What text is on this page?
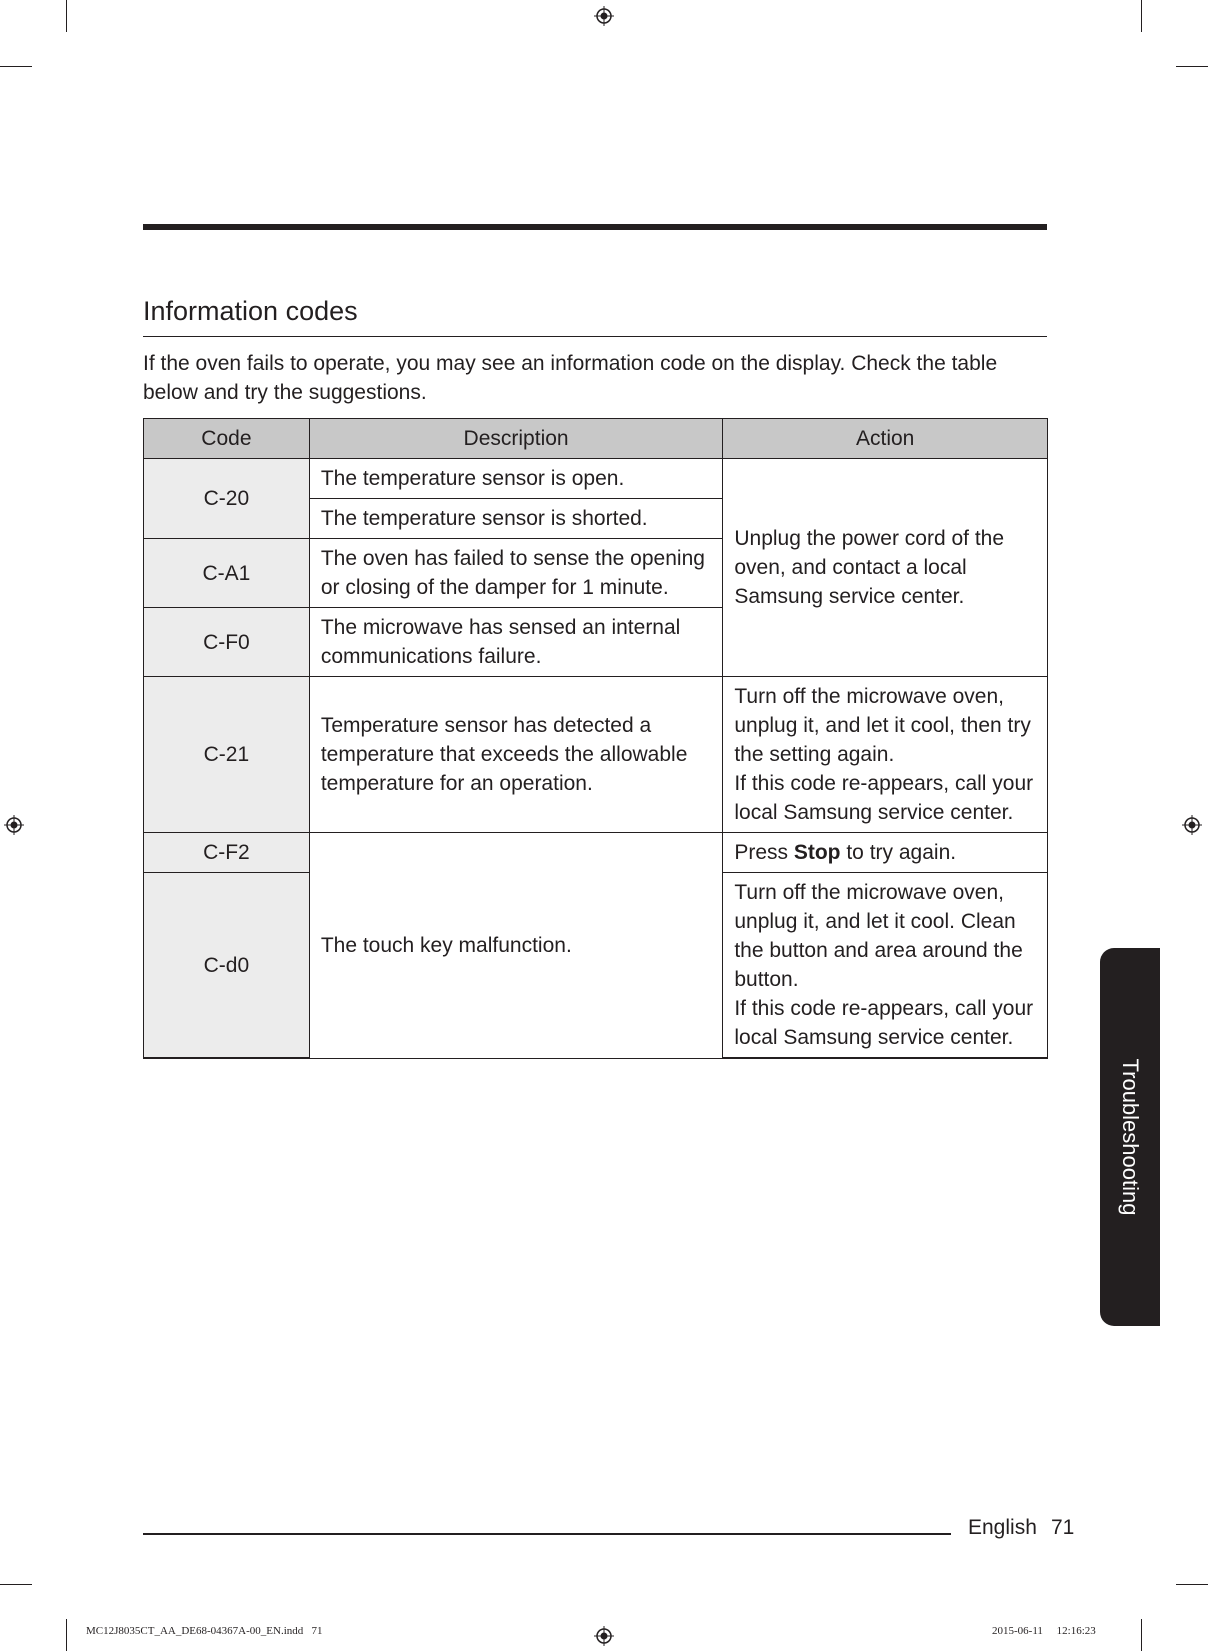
Information codes

If the oven fails to operate, you may see an information code on the display. Check the table below and try the suggestions.

Code	Description	Action
C-20	The temperature sensor is open.	Unplug the power cord of the oven, and contact a local Samsung service center.
	The temperature sensor is shorted.	
C-A1	The oven has failed to sense the opening or closing of the damper for 1 minute.	
C-F0	The microwave has sensed an internal communications failure.	
C-21	Temperature sensor has detected a temperature that exceeds the allowable temperature for an operation.	Turn off the microwave oven, unplug it, and let it cool, then try the setting again.
If this code re-appears, call your local Samsung service center.

C-F2	The touch key malfunction.	Press Stop to try again.
C-d0		Turn off the microwave oven, unplug it, and let it cool. Clean the button and area around the button.
If this code re-appears, call your local Samsung service center.
Troubleshooting
English 71
MC12J8035CT_AA_DE68-04367A-00_EN.indd   71	2015-06-11     12:16:23
